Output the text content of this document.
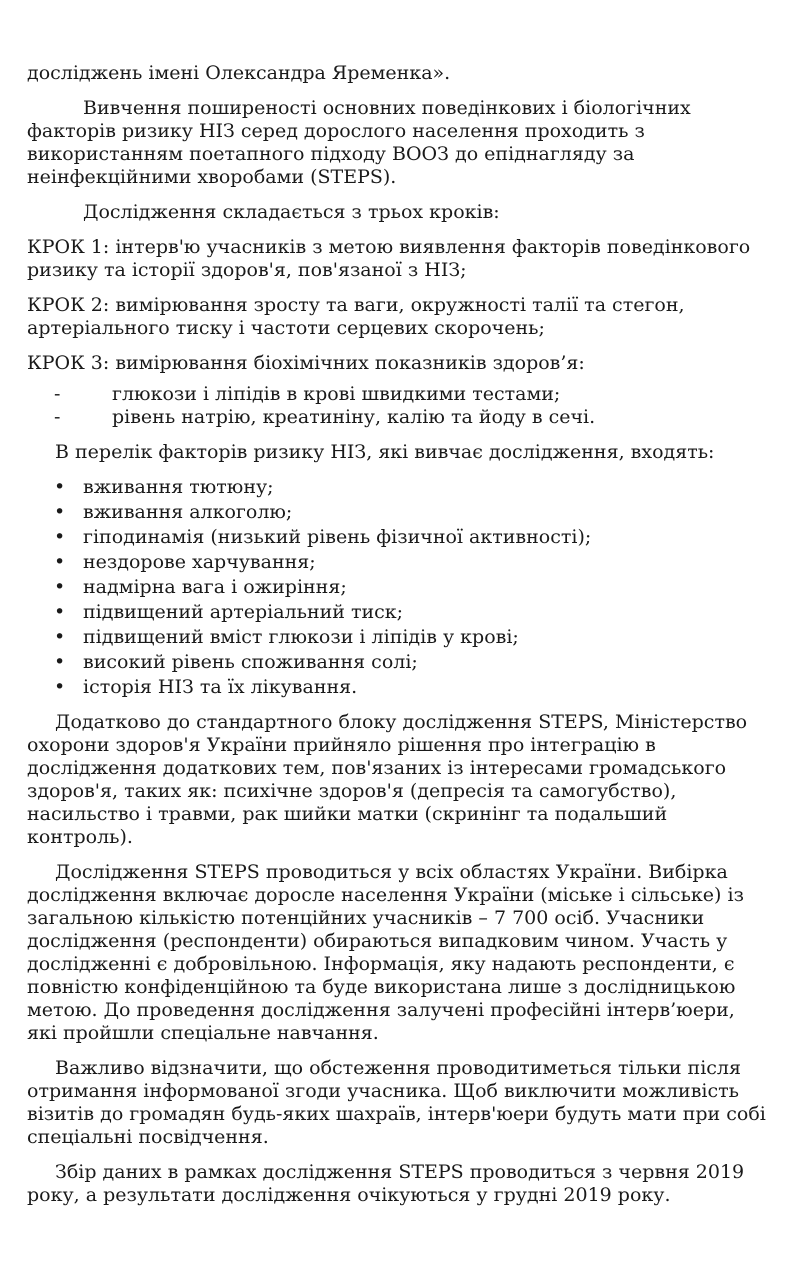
досліджень імені Олександра Яременка».

Вивчення поширеності основних поведінкових і біологічних факторів ризику НІЗ серед дорослого населення проходить з використанням поетапного підходу ВООЗ до епіднагляду за неінфекційними хворобами (STEPS).

Дослідження складається з трьох кроків:

КРОК 1: інтерв'ю учасників з метою виявлення факторів поведінкового ризику та історії здоров'я, пов'язаної з НІЗ;

КРОК 2: вимірювання зросту та ваги, окружності талії та стегон, артеріального тиску і частоти серцевих скорочень;

КРОК 3: вимірювання біохімічних показників здоров’я:

-	глюкози і ліпідів в крові швидкими тестами;
-	рівень натрію, креатиніну, калію та йоду в сечі.

В перелік факторів ризику НІЗ, які вивчає дослідження, входять:

• вживання тютюну;
• вживання алкоголю;
• гіподинамія (низький рівень фізичної активності);
• нездорове харчування;
• надмірна вага і ожиріння;
• підвищений артеріальний тиск;
• підвищений вміст глюкози і ліпідів у крові;
• високий рівень споживання солі;
• історія НІЗ та їх лікування.

Додатково до стандартного блоку дослідження STEPS, Міністерство охорони здоров'я України прийняло рішення про інтеграцію в дослідження додаткових тем, пов'язаних із інтересами громадського здоров'я, таких як: психічне здоров'я (депресія та самогубство), насильство і травми, рак шийки матки (скринінг та подальший контроль).

Дослідження STEPS проводиться у всіх областях України. Вибірка дослідження включає доросле населення України (міське і сільське) із загальною кількістю потенційних учасників – 7 700 осіб. Учасники дослідження (респонденти) обираються випадковим чином. Участь у дослідженні є добровільною. Інформація, яку надають респонденти, є повністю конфіденційною та буде використана лише з дослідницькою метою. До проведення дослідження залучені професійні інтерв’юери, які пройшли спеціальне навчання.

Важливо відзначити, що обстеження проводитиметься тільки після отримання інформованої згоди учасника. Щоб виключити можливість візитів до громадян будь-яких шахраїв, інтерв'юери будуть мати при собі спеціальні посвідчення.

Збір даних в рамках дослідження STEPS проводиться з червня 2019 року, а результати дослідження очікуються у грудні 2019 року.
